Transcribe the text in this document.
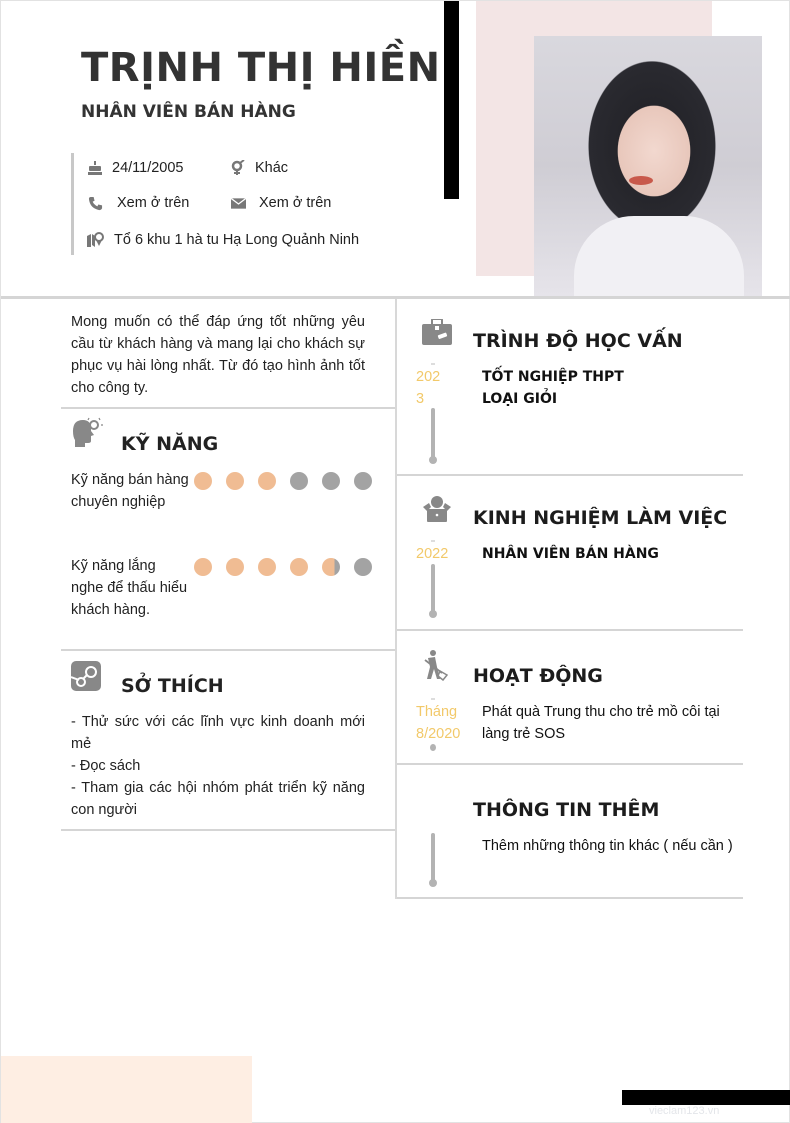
TRỊNH THỊ HIỀN
NHÂN VIÊN BÁN HÀNG
24/11/2005	Khác
Xem ở trên	Xem ở trên
Tổ 6 khu 1 hà tu Hạ Long Quảnh Ninh
Mong muốn có thể đáp ứng tốt những yêu cầu từ khách hàng và mang lại cho khách sự phục vụ hài lòng nhất. Từ đó tạo hình ảnh tốt cho công ty.
KỸ NĂNG
Kỹ năng bán hàng chuyên nghiệp
Kỹ năng lắng nghe để thấu hiểu khách hàng.
SỞ THÍCH
- Thử sức với các lĩnh vực kinh doanh mới mẻ
- Đọc sách
- Tham gia các hội nhóm phát triển kỹ năng con người
TRÌNH ĐỘ HỌC VẤN
202
3
TỐT NGHIỆP THPT
LOẠI GIỎI
KINH NGHIỆM LÀM VIỆC
2022 NHÂN VIÊN BÁN HÀNG
HOẠT ĐỘNG
Tháng
8/2020
Phát quà Trung thu cho trẻ mồ côi tại làng trẻ SOS
THÔNG TIN THÊM
Thêm những thông tin khác ( nếu cần )
vieclam123.vn
